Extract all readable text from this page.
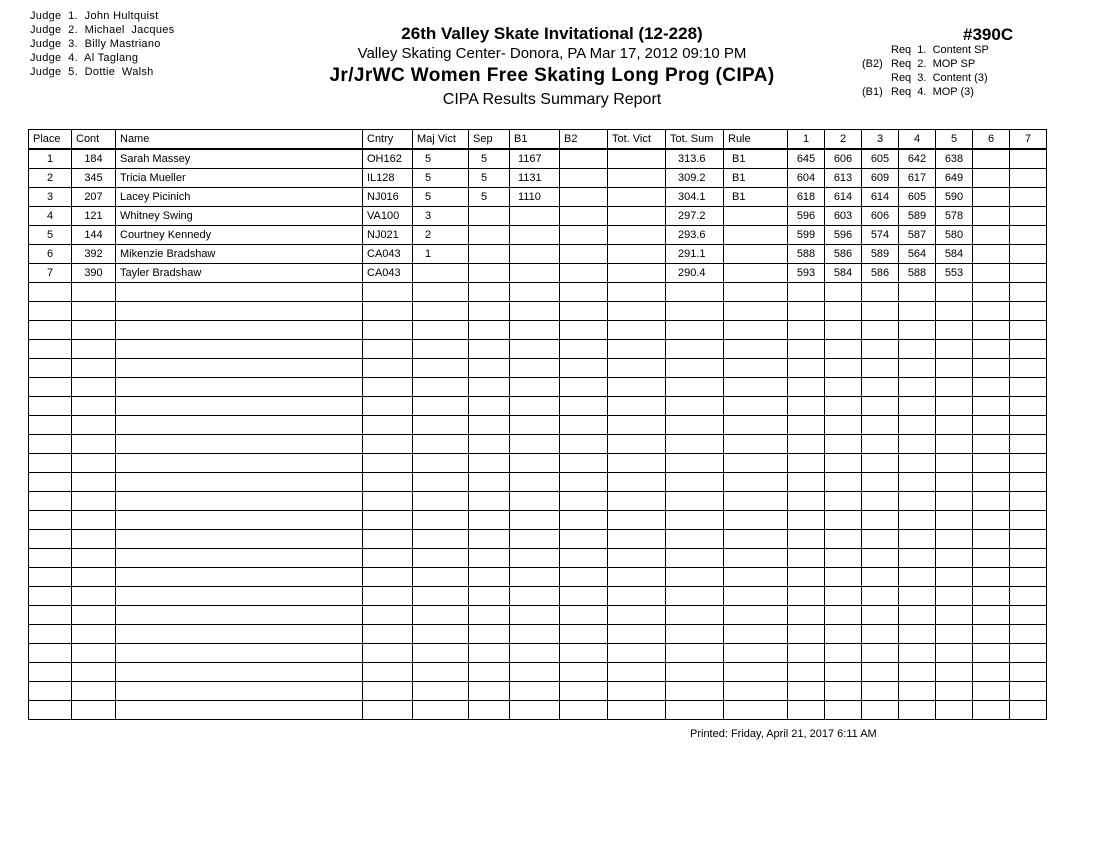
Judge  1.  John Hultquist
Judge  2.  Michael  Jacques
Judge  3.  Billy Mastriano
Judge  4.  Al Taglang
Judge  5.  Dottie  Walsh
26th Valley Skate Invitational (12-228)
Valley Skating Center- Donora, PA Mar 17, 2012 09:10 PM
Jr/JrWC Women Free Skating Long Prog (CIPA)
CIPA Results Summary Report
#390C
Req  1.  Content SP
(B2) Req  2.  MOP SP
Req  3.  Content (3)
(B1) Req  4.  MOP (3)
Place	Cont	Name	Cntry	Maj Vict	Sep	B1	B2	Tot. Vict	Tot. Sum	Rule	1	2	3	4	5	6	7
1	184	Sarah Massey	OH162	5	5	1167			313.6	B1	645	606	605	642	638		
2	345	Tricia Mueller	IL128	5	5	1131			309.2	B1	604	613	609	617	649		
3	207	Lacey Picinich	NJ016	5	5	1110			304.1	B1	618	614	614	605	590		
4	121	Whitney Swing	VA100	3					297.2		596	603	606	589	578		
5	144	Courtney Kennedy	NJ021	2					293.6		599	596	574	587	580		
6	392	Mikenzie Bradshaw	CA043	1					291.1		588	586	589	564	584		
7	390	Tayler Bradshaw	CA043						290.4		593	584	586	588	553		

Printed: Friday, April 21, 2017 6:11 AM
